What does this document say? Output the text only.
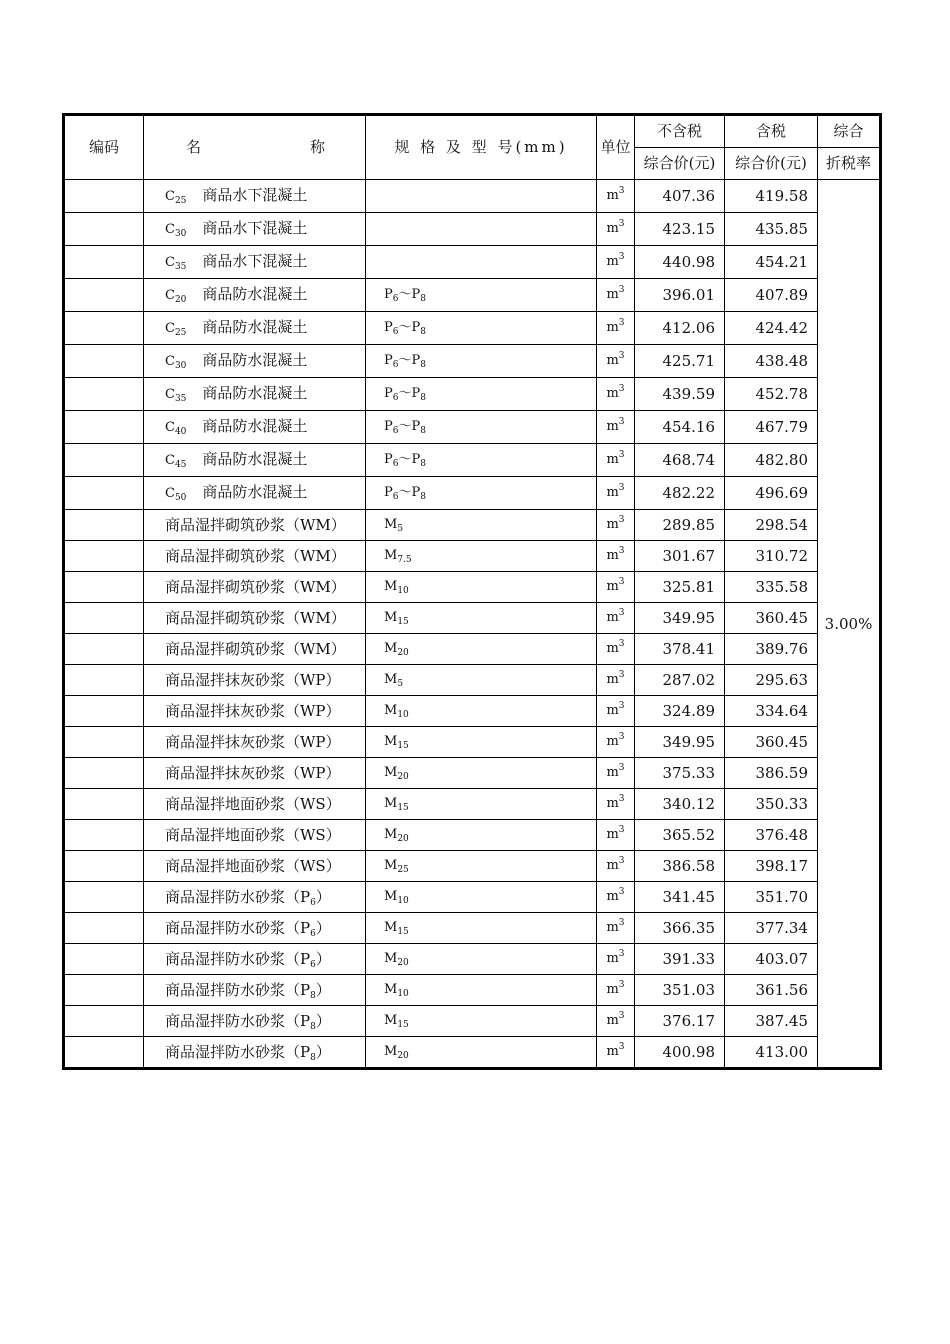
编码	名 称	规 格 及 型 号(mm)	单位	不含税	含税	综合
				综合价(元)	综合价(元)	折税率
	$C_{25}$ 商品水下混凝土		$m^3$	407.36	419.58	3.00%
	$C_{30}$ 商品水下混凝土		$m^3$	423.15	435.85	
	$C_{35}$ 商品水下混凝土		$m^3$	440.98	454.21	
	$C_{20}$ 商品防水混凝土	$P_6\sim P_8$	$m^3$	396.01	407.89	
	$C_{25}$ 商品防水混凝土	$P_6\sim P_8$	$m^3$	412.06	424.42	
	$C_{30}$ 商品防水混凝土	$P_6\sim P_8$	$m^3$	425.71	438.48	
	$C_{35}$ 商品防水混凝土	$P_6\sim P_8$	$m^3$	439.59	452.78	
	$C_{40}$ 商品防水混凝土	$P_6\sim P_8$	$m^3$	454.16	467.79	
	$C_{45}$ 商品防水混凝土	$P_6\sim P_8$	$m^3$	468.74	482.80	
	$C_{50}$ 商品防水混凝土	$P_6\sim P_8$	$m^3$	482.22	496.69	
	商品湿拌砌筑砂浆（WM）	$M_5$	$m^3$	289.85	298.54	
	商品湿拌砌筑砂浆（WM）	$M_{7.5}$	$m^3$	301.67	310.72	
	商品湿拌砌筑砂浆（WM）	$M_{10}$	$m^3$	325.81	335.58	
	商品湿拌砌筑砂浆（WM）	$M_{15}$	$m^3$	349.95	360.45	
	商品湿拌砌筑砂浆（WM）	$M_{20}$	$m^3$	378.41	389.76	
	商品湿拌抹灰砂浆（WP）	$M_5$	$m^3$	287.02	295.63	
	商品湿拌抹灰砂浆（WP）	$M_{10}$	$m^3$	324.89	334.64	
	商品湿拌抹灰砂浆（WP）	$M_{15}$	$m^3$	349.95	360.45	
	商品湿拌抹灰砂浆（WP）	$M_{20}$	$m^3$	375.33	386.59	
	商品湿拌地面砂浆（WS）	$M_{15}$	$m^3$	340.12	350.33	
	商品湿拌地面砂浆（WS）	$M_{20}$	$m^3$	365.52	376.48	
	商品湿拌地面砂浆（WS）	$M_{25}$	$m^3$	386.58	398.17	
	商品湿拌防水砂浆$(P_6)$	$M_{10}$	$m^3$	341.45	351.70	
	商品湿拌防水砂浆$(P_6)$	$M_{15}$	$m^3$	366.35	377.34	
	商品湿拌防水砂浆$(P_6)$	$M_{20}$	$m^3$	391.33	403.07	
	商品湿拌防水砂浆$(P_8)$	$M_{10}$	$m^3$	351.03	361.56	
	商品湿拌防水砂浆$(P_8)$	$M_{15}$	$m^3$	376.17	387.45	
	商品湿拌防水砂浆$(P_8)$	$M_{20}$	$m^3$	400.98	413.00	
